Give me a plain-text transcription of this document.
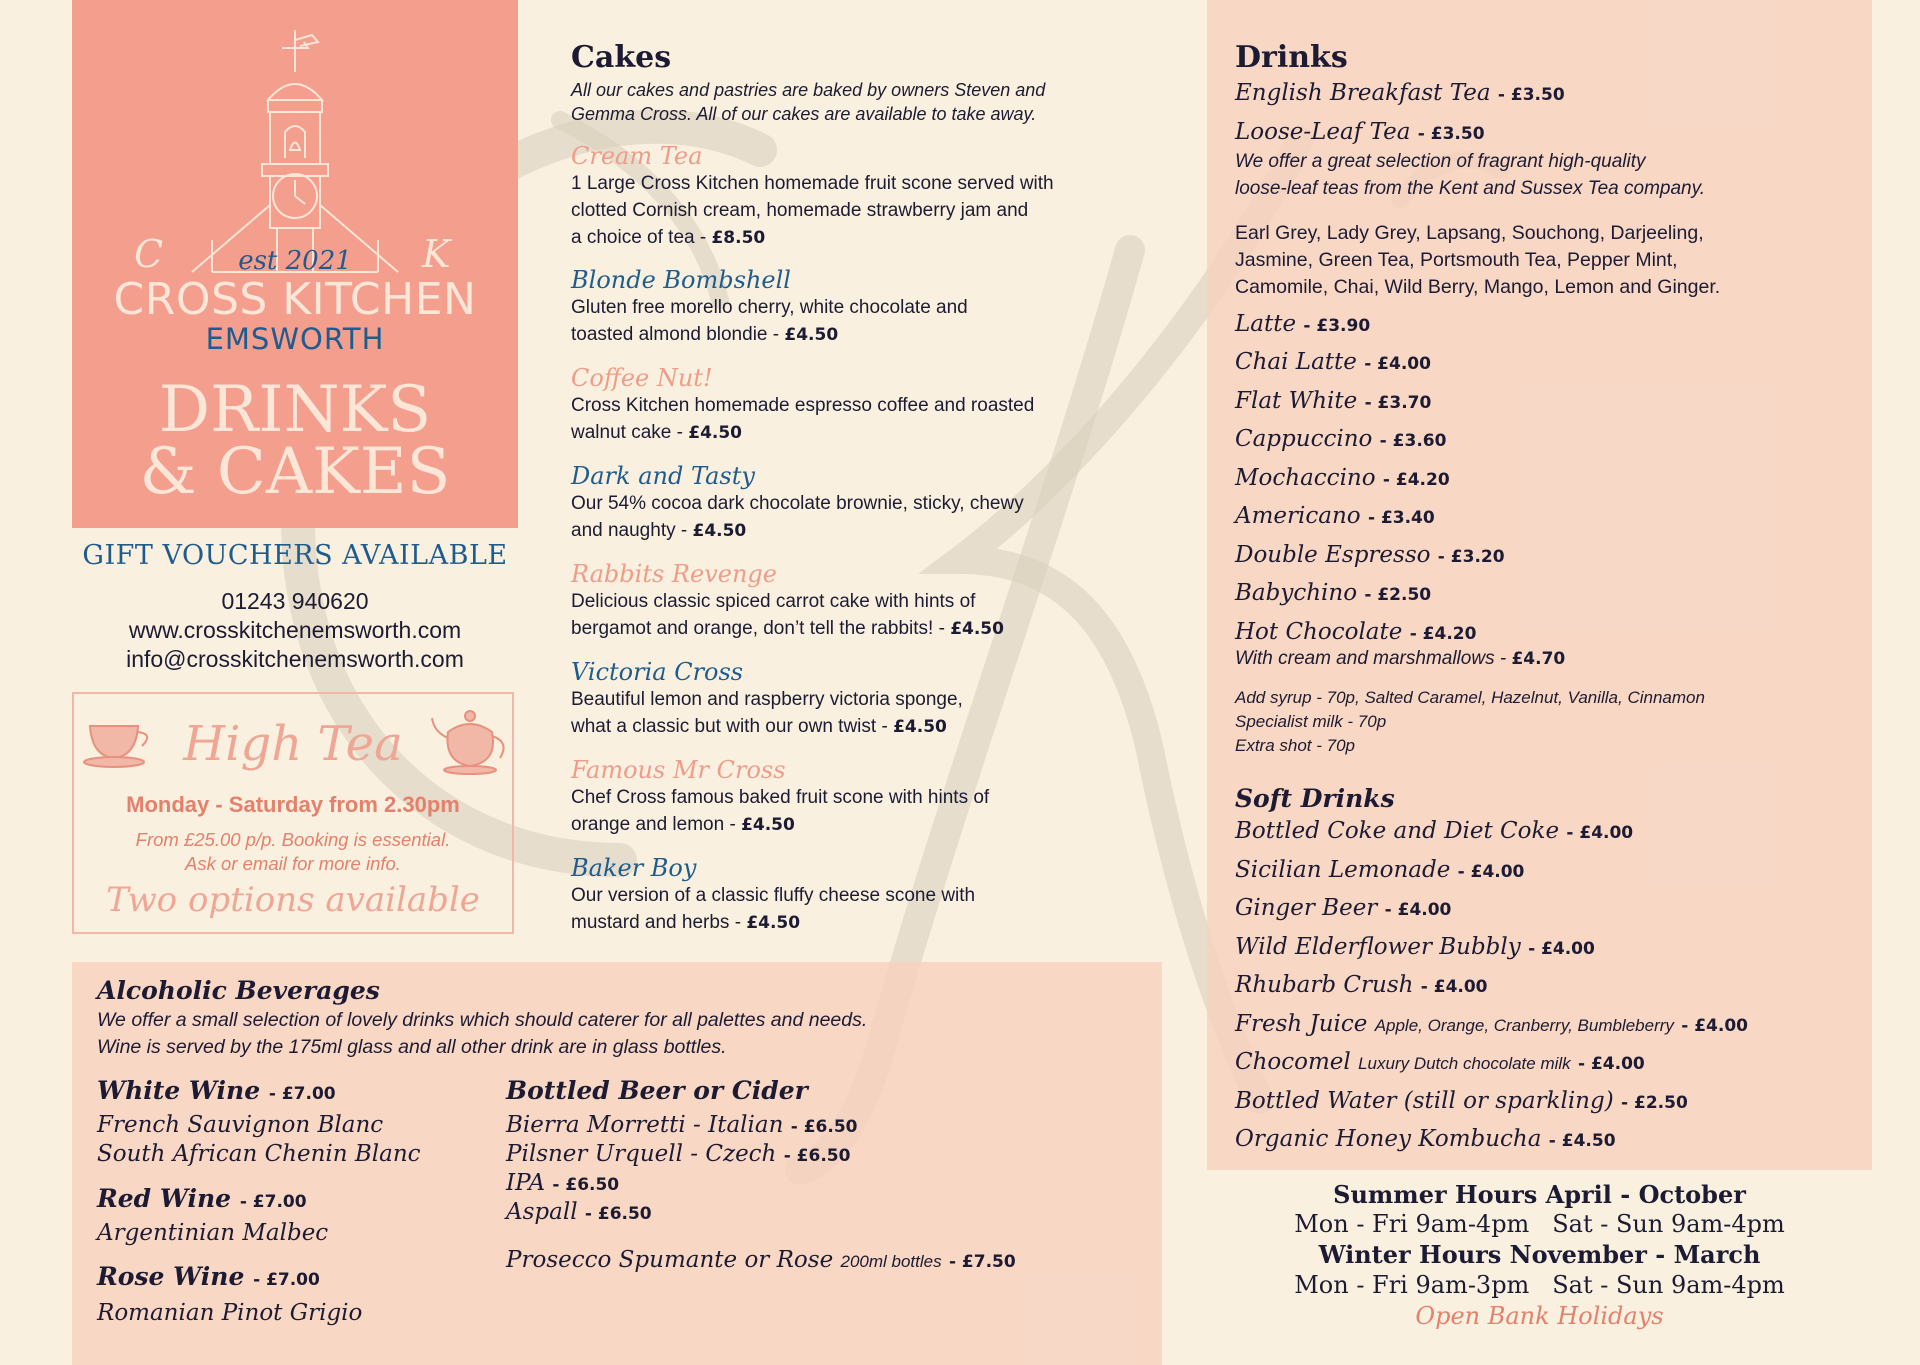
C	K
est 2021
CROSS KITCHEN
EMSWORTH
DRINKS
& CAKES
GIFT VOUCHERS AVAILABLE
01243 940620
www.crosskitchenemsworth.com
info@crosskitchenemsworth.com
High Tea
Monday - Saturday from 2.30pm
From £25.00 p/p. Booking is essential.
Ask or email for more info.
Two options available
Cakes
All our cakes and pastries are baked by owners Steven and
Gemma Cross. All of our cakes are available to take away.
Cream Tea
1 Large Cross Kitchen homemade fruit scone served with
clotted Cornish cream, homemade strawberry jam and
a choice of tea - £8.50
Blonde Bombshell
Gluten free morello cherry, white chocolate and
toasted almond blondie - £4.50
Coffee Nut!
Cross Kitchen homemade espresso coffee and roasted
walnut cake - £4.50
Dark and Tasty
Our 54% cocoa dark chocolate brownie, sticky, chewy
and naughty - £4.50
Rabbits Revenge
Delicious classic spiced carrot cake with hints of
bergamot and orange, don’t tell the rabbits! - £4.50
Victoria Cross
Beautiful lemon and raspberry victoria sponge,
what a classic but with our own twist - £4.50
Famous Mr Cross
Chef Cross famous baked fruit scone with hints of
orange and lemon - £4.50
Baker Boy
Our version of a classic fluffy cheese scone with
mustard and herbs - £4.50
Drinks
English Breakfast Tea - £3.50
Loose-Leaf Tea - £3.50
We offer a great selection of fragrant high-quality
loose-leaf teas from the Kent and Sussex Tea company.
Earl Grey, Lady Grey, Lapsang, Souchong, Darjeeling,
Jasmine, Green Tea, Portsmouth Tea, Pepper Mint,
Camomile, Chai, Wild Berry, Mango, Lemon and Ginger.
Latte - £3.90
Chai Latte - £4.00
Flat White - £3.70
Cappuccino - £3.60
Mochaccino - £4.20
Americano - £3.40
Double Espresso - £3.20
Babychino - £2.50
Hot Chocolate - £4.20
With cream and marshmallows - £4.70
Add syrup - 70p, Salted Caramel, Hazelnut, Vanilla, Cinnamon
Specialist milk - 70p
Extra shot - 70p
Soft Drinks
Bottled Coke and Diet Coke - £4.00
Sicilian Lemonade - £4.00
Ginger Beer - £4.00
Wild Elderflower Bubbly - £4.00
Rhubarb Crush - £4.00
Fresh Juice Apple, Orange, Cranberry, Bumbleberry - £4.00
Chocomel Luxury Dutch chocolate milk - £4.00
Bottled Water (still or sparkling) - £2.50
Organic Honey Kombucha - £4.50
Summer Hours April - October
Mon - Fri 9am-4pm   Sat - Sun 9am-4pm
Winter Hours November - March
Mon - Fri 9am-3pm   Sat - Sun 9am-4pm
Open Bank Holidays
Alcoholic Beverages
We offer a small selection of lovely drinks which should caterer for all palettes and needs.
Wine is served by the 175ml glass and all other drink are in glass bottles.
White Wine - £7.00
French Sauvignon Blanc
South African Chenin Blanc
Red Wine - £7.00
Argentinian Malbec
Rose Wine - £7.00
Romanian Pinot Grigio
Bottled Beer or Cider
Bierra Morretti - Italian - £6.50
Pilsner Urquell - Czech - £6.50
IPA - £6.50
Aspall - £6.50
Prosecco Spumante or Rose 200ml bottles - £7.50
